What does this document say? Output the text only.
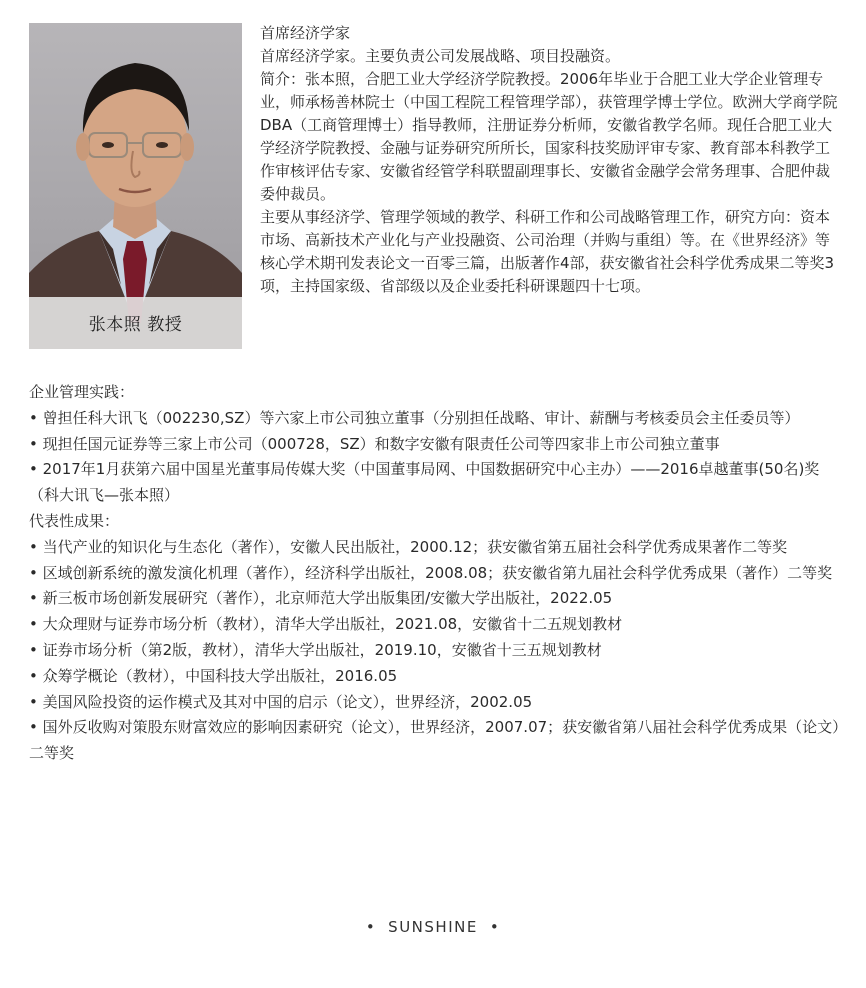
张本照 教授

首席经济学家

首席经济学家。主要负责公司发展战略、项目投融资。

简介：张本照，合肥工业大学经济学院教授。2006年毕业于合肥工业大学企业管理专业，师承杨善林院士（中国工程院工程管理学部），获管理学博士学位。欧洲大学商学院DBA（工商管理博士）指导教师，注册证券分析师，安徽省教学名师。现任合肥工业大学经济学院教授、金融与证券研究所所长，国家科技奖励评审专家、教育部本科教学工作审核评估专家、安徽省经管学科联盟副理事长、安徽省金融学会常务理事、合肥仲裁委仲裁员。

主要从事经济学、管理学领域的教学、科研工作和公司战略管理工作，研究方向：资本市场、高新技术产业化与产业投融资、公司治理（并购与重组）等。在《世界经济》等核心学术期刊发表论文一百零三篇，出版著作4部，获安徽省社会科学优秀成果二等奖3项，主持国家级、省部级以及企业委托科研课题四十七项。

企业管理实践：

• 曾担任科大讯飞（002230,SZ）等六家上市公司独立董事（分别担任战略、审计、薪酬与考核委员会主任委员等）

• 现担任国元证券等三家上市公司（000728，SZ）和数字安徽有限责任公司等四家非上市公司独立董事

• 2017年1月获第六届中国星光董事局传媒大奖（中国董事局网、中国数据研究中心主办）——2016卓越董事(50名)奖（科大讯飞—张本照）

代表性成果：

• 当代产业的知识化与生态化（著作），安徽人民出版社，2000.12；获安徽省第五届社会科学优秀成果著作二等奖

• 区域创新系统的激发演化机理（著作），经济科学出版社，2008.08；获安徽省第九届社会科学优秀成果（著作）二等奖

• 新三板市场创新发展研究（著作），北京师范大学出版集团/安徽大学出版社，2022.05

• 大众理财与证券市场分析（教材），清华大学出版社，2021.08，安徽省十二五规划教材

• 证券市场分析（第2版，教材），清华大学出版社，2019.10，安徽省十三五规划教材

• 众筹学概论（教材），中国科技大学出版社，2016.05

• 美国风险投资的运作模式及其对中国的启示（论文），世界经济，2002.05

• 国外反收购对策股东财富效应的影响因素研究（论文），世界经济，2007.07；获安徽省第八届社会科学优秀成果（论文）二等奖

• SUNSHINE •
